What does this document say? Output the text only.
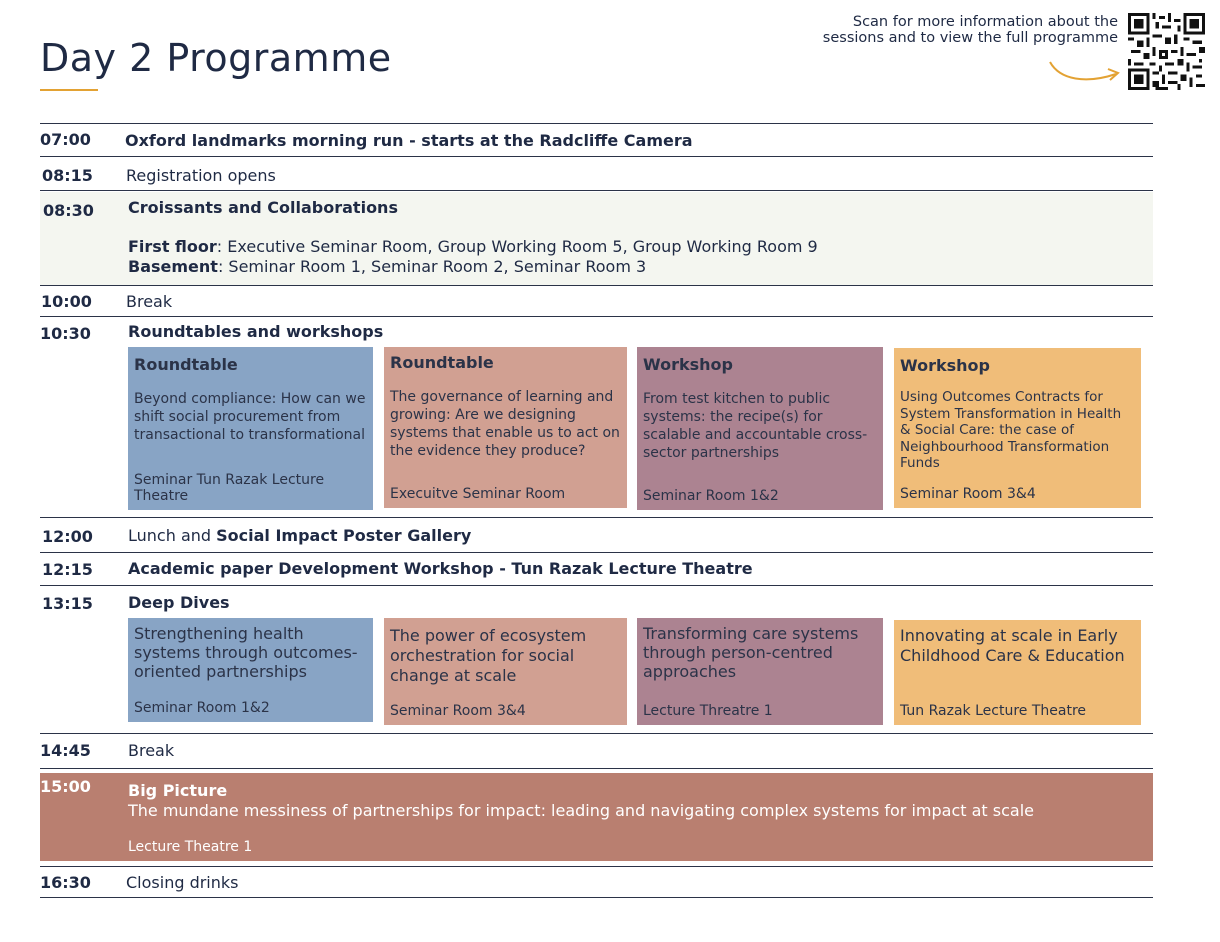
Day 2 Programme
Scan for more information about the
sessions and to view the full programme
07:00 Oxford landmarks morning run - starts at the Radcliffe Camera
08:15 Registration opens
08:30 Croissants and Collaborations
First floor: Executive Seminar Room, Group Working Room 5, Group Working Room 9
Basement: Seminar Room 1, Seminar Room 2, Seminar Room 3
10:00 Break
10:30 Roundtables and workshops
Roundtable
Beyond compliance: How can we shift social procurement from transactional to transformational
Seminar Tun Razak Lecture Theatre
Roundtable
The governance of learning and growing: Are we designing systems that enable us to act on the evidence they produce?
Execuitve Seminar Room
Workshop
From test kitchen to public systems: the recipe(s) for scalable and accountable cross-sector partnerships
Seminar Room 1&2
Workshop
Using Outcomes Contracts for System Transformation in Health & Social Care: the case of Neighbourhood Transformation Funds
Seminar Room 3&4
12:00 Lunch and Social Impact Poster Gallery
12:15 Academic paper Development Workshop - Tun Razak Lecture Theatre
13:15 Deep Dives
Strengthening health systems through outcomes-oriented partnerships
Seminar Room 1&2
The power of ecosystem orchestration for social change at scale
Seminar Room 3&4
Transforming care systems through person-centred approaches
Lecture Threatre 1
Innovating at scale in Early Childhood Care & Education
Tun Razak Lecture Theatre
14:45 Break
15:00 Big Picture
The mundane messiness of partnerships for impact: leading and navigating complex systems for impact at scale
Lecture Theatre 1
16:30 Closing drinks
